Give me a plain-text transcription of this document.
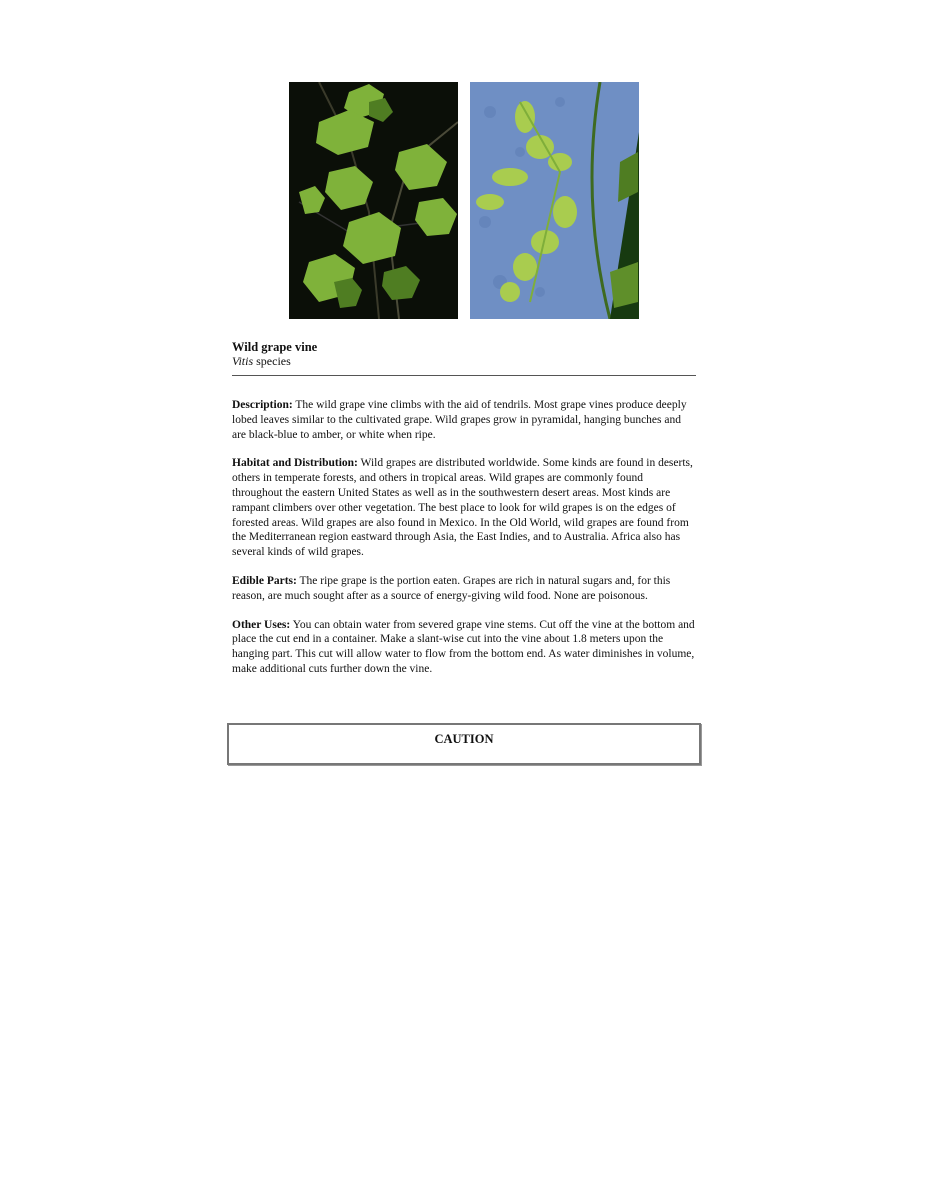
Wild grape vine
Vitis species

Description: The wild grape vine climbs with the aid of tendrils. Most grape vines produce deeply lobed leaves similar to the cultivated grape. Wild grapes grow in pyramidal, hanging bunches and are black-blue to amber, or white when ripe.

Habitat and Distribution: Wild grapes are distributed worldwide. Some kinds are found in deserts, others in temperate forests, and others in tropical areas. Wild grapes are commonly found throughout the eastern United States as well as in the southwestern desert areas. Most kinds are rampant climbers over other vegetation. The best place to look for wild grapes is on the edges of forested areas. Wild grapes are also found in Mexico. In the Old World, wild grapes are found from the Mediterranean region eastward through Asia, the East Indies, and to Australia. Africa also has several kinds of wild grapes.

Edible Parts: The ripe grape is the portion eaten. Grapes are rich in natural sugars and, for this reason, are much sought after as a source of energy-giving wild food. None are poisonous.

Other Uses: You can obtain water from severed grape vine stems. Cut off the vine at the bottom and place the cut end in a container. Make a slant-wise cut into the vine about 1.8 meters upon the hanging part. This cut will allow water to flow from the bottom end. As water diminishes in volume, make additional cuts further down the vine.

CAUTION
